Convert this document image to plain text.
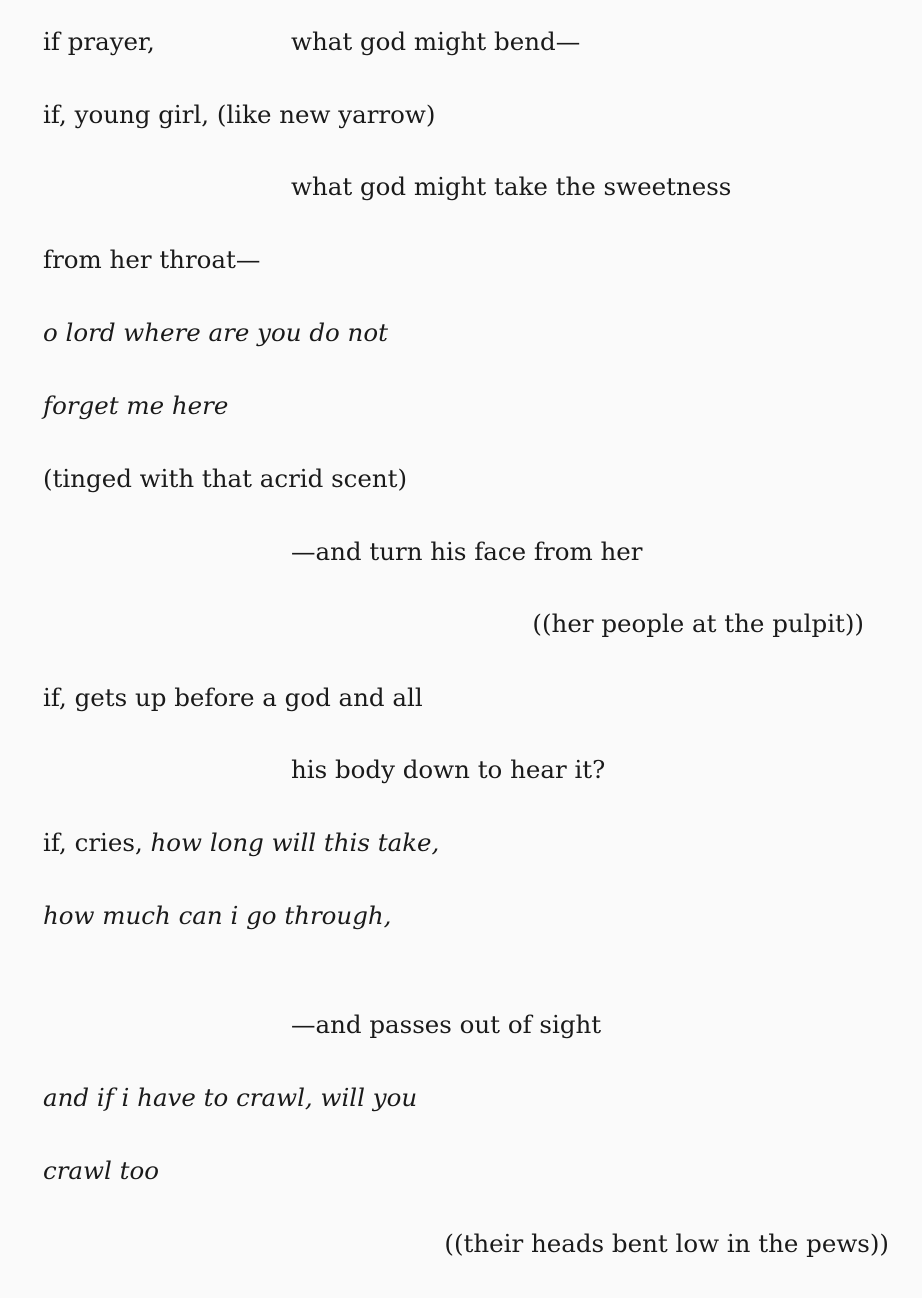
if prayer,	what god might bend—
if, young girl, (like new yarrow)
what god might take the sweetness
from her throat—
o lord where are you do not
forget me here
(tinged with that acrid scent)
—and turn his face from her
((her people at the pulpit))
if, gets up before a god and all
his body down to hear it?
if, cries, how long will this take,
how much can i go through,
—and passes out of sight
and if i have to crawl, will you
crawl too
((their heads bent low in the pews))
